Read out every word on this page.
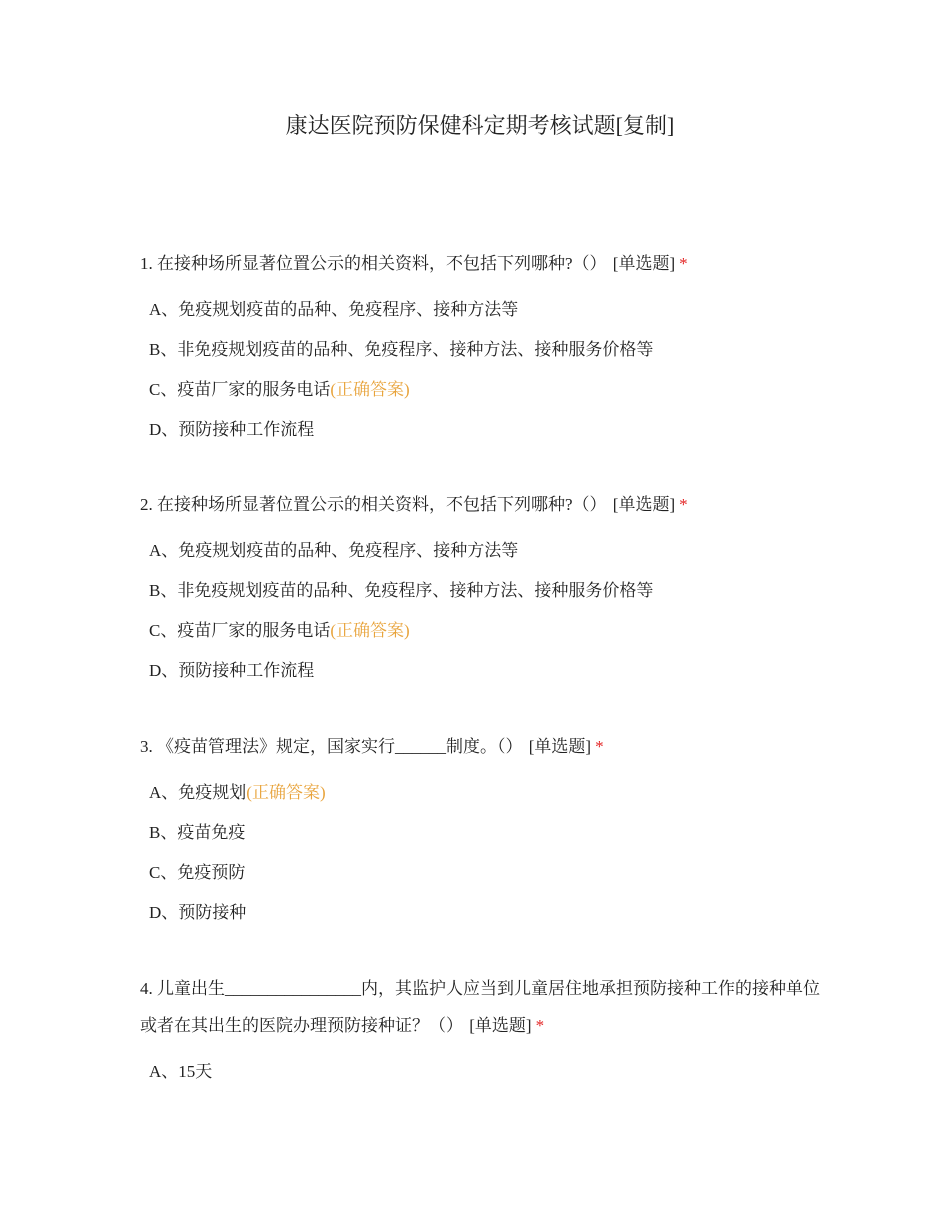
康达医院预防保健科定期考核试题[复制]

1. 在接种场所显著位置公示的相关资料，不包括下列哪种?（） [单选题] *

A、免疫规划疫苗的品种、免疫程序、接种方法等
B、非免疫规划疫苗的品种、免疫程序、接种方法、接种服务价格等
C、疫苗厂家的服务电话(正确答案)
D、预防接种工作流程

2. 在接种场所显著位置公示的相关资料，不包括下列哪种?（） [单选题] *

A、免疫规划疫苗的品种、免疫程序、接种方法等
B、非免疫规划疫苗的品种、免疫程序、接种方法、接种服务价格等
C、疫苗厂家的服务电话(正确答案)
D、预防接种工作流程

3. 《疫苗管理法》规定，国家实行______制度。（） [单选题] *

A、免疫规划(正确答案)
B、疫苗免疫
C、免疫预防
D、预防接种

4. 儿童出生________________内，其监护人应当到儿童居住地承担预防接种工作的接种单位或者在其出生的医院办理预防接种证？（） [单选题] *

A、15天
